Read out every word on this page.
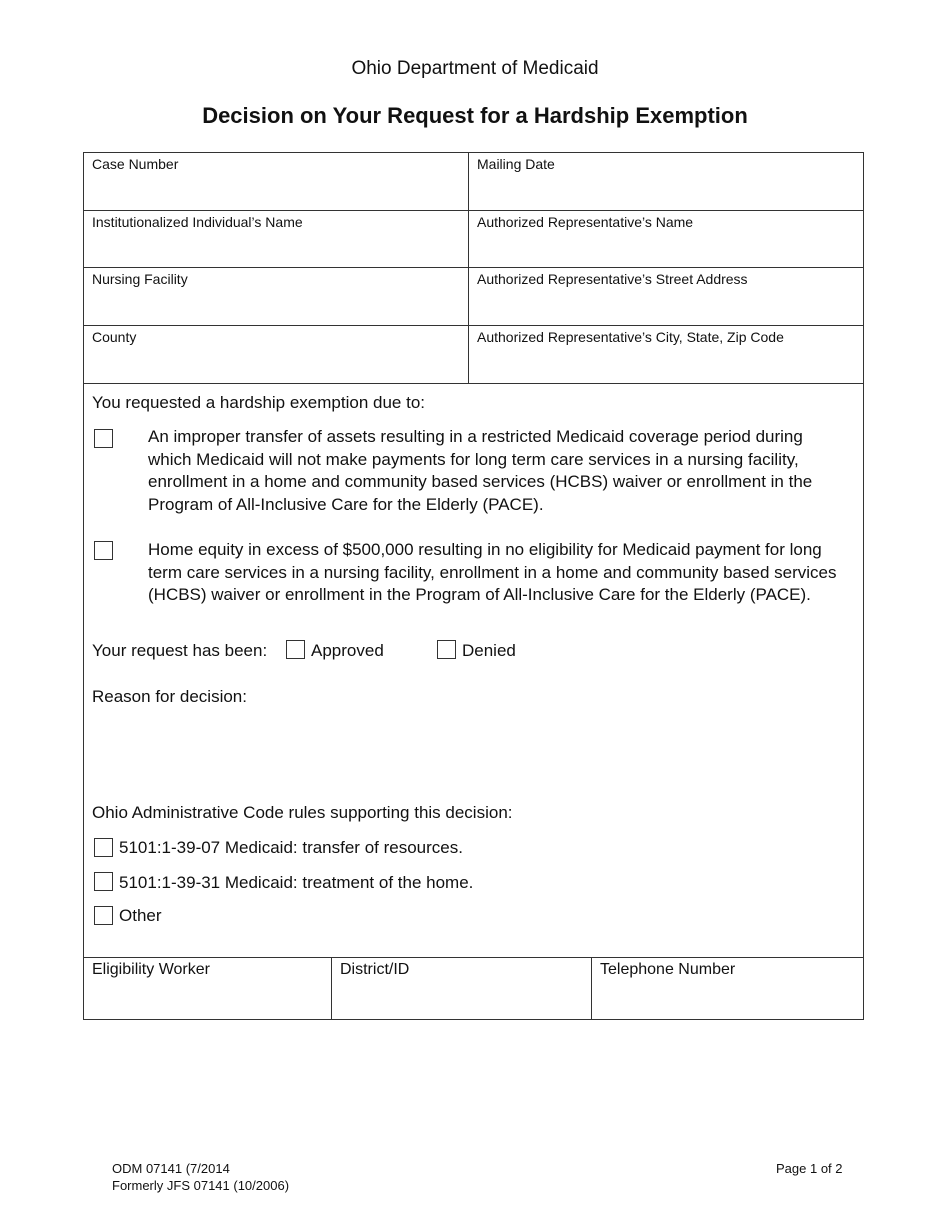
Ohio Department of Medicaid
Decision on Your Request for a Hardship Exemption
Case Number	Mailing Date
Institutionalized Individual’s Name	Authorized Representative’s Name
Nursing Facility	Authorized Representative’s Street Address
County	Authorized Representative’s City, State, Zip Code
You requested a hardship exemption due to:
An improper transfer of assets resulting in a restricted Medicaid coverage period during which Medicaid will not make payments for long term care services in a nursing facility, enrollment in a home and community based services (HCBS) waiver or enrollment in the Program of All-Inclusive Care for the Elderly (PACE).
Home equity in excess of $500,000 resulting in no eligibility for Medicaid payment for long term care services in a nursing facility, enrollment in a home and community based services (HCBS) waiver or enrollment in the Program of All-Inclusive Care for the Elderly (PACE).
Your request has been:	Approved	Denied
Reason for decision:
Ohio Administrative Code rules supporting this decision:
5101:1-39-07 Medicaid: transfer of resources.
5101:1-39-31 Medicaid: treatment of the home.
Other
Eligibility Worker	District/ID	Telephone Number
ODM 07141 (7/2014
Formerly JFS 07141 (10/2006)
Page 1 of 2
